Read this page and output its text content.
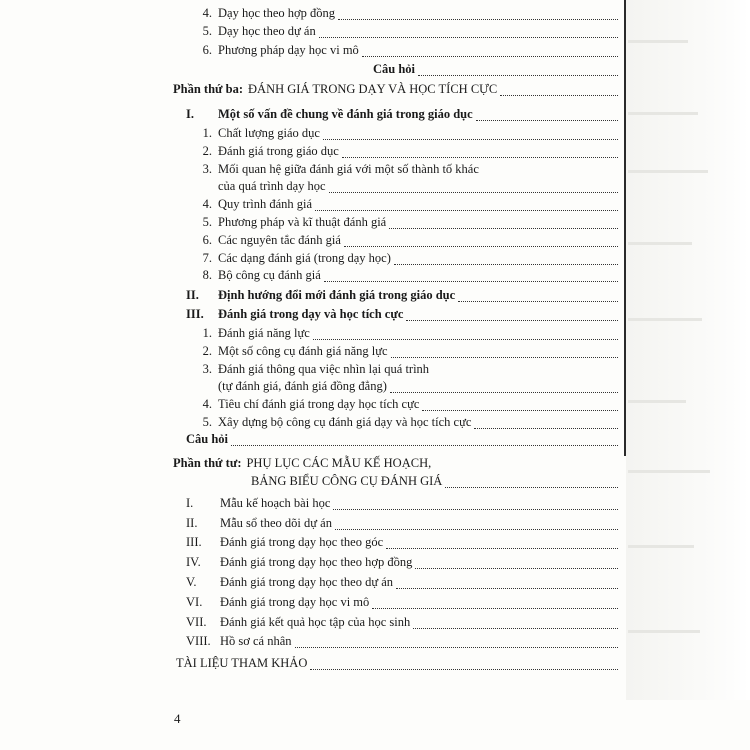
4. Dạy học theo hợp đồng
5. Dạy học theo dự án
6. Phương pháp dạy học vi mô
Câu hỏi
Phần thứ ba: ĐÁNH GIÁ TRONG DẠY VÀ HỌC TÍCH CỰC
I.	Một số vấn đề chung về đánh giá trong giáo dục
1. Chất lượng giáo dục
2. Đánh giá trong giáo dục
3. Mối quan hệ giữa đánh giá với một số thành tố khác
của quá trình dạy học
4. Quy trình đánh giá
5. Phương pháp và kĩ thuật đánh giá
6. Các nguyên tắc đánh giá
7. Các dạng đánh giá (trong dạy học)
8. Bộ công cụ đánh giá
II.	Định hướng đổi mới đánh giá trong giáo dục
III.	Đánh giá trong dạy và học tích cực
1. Đánh giá năng lực
2. Một số công cụ đánh giá năng lực
3. Đánh giá thông qua việc nhìn lại quá trình
(tự đánh giá, đánh giá đồng đẳng)
4. Tiêu chí đánh giá trong dạy học tích cực
5. Xây dựng bộ công cụ đánh giá dạy và học tích cực
Câu hỏi
Phần thứ tư: PHỤ LỤC CÁC MẪU KẾ HOẠCH,
BẢNG BIỂU CÔNG CỤ ĐÁNH GIÁ
I.	Mẫu kế hoạch bài học
II.	Mẫu sổ theo dõi dự án
III.	Đánh giá trong dạy học theo góc
IV.	Đánh giá trong dạy học theo hợp đồng
V.	Đánh giá trong dạy học theo dự án
VI.	Đánh giá trong dạy học vi mô
VII.	Đánh giá kết quả học tập của học sinh
VIII. Hồ sơ cá nhân
TÀI LIỆU THAM KHẢO
4
